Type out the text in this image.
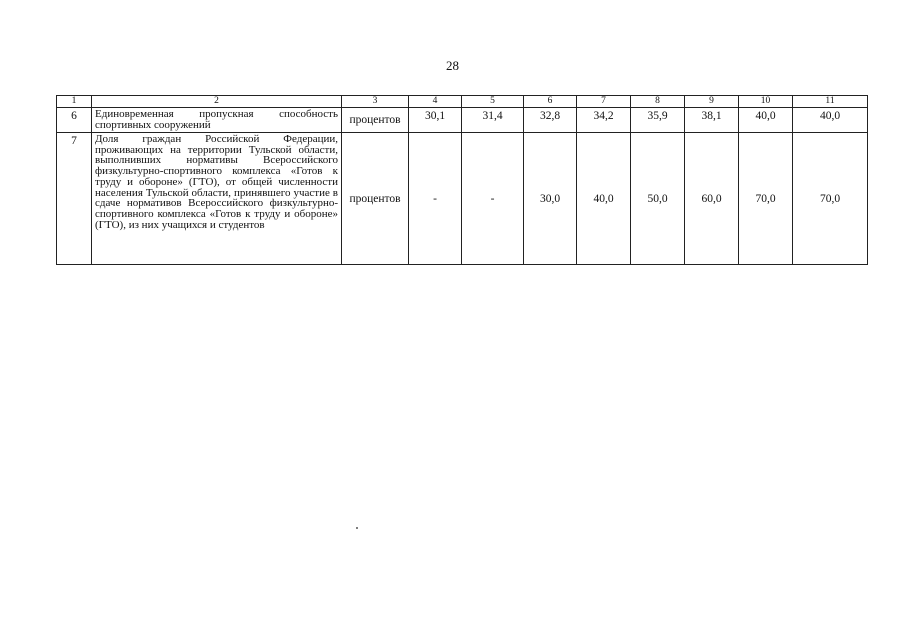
28
1	2	3	4	5	6	7	8	9	10	11
6	Единовременная пропускная способность спортивных сооружений	процентов	30,1	31,4	32,8	34,2	35,9	38,1	40,0	40,0
7	Доля граждан Российской Федерации, проживающих на территории Тульской области, выполнивших нормативы Всероссийского физкультурно-спортивного комплекса «Готов к труду и обороне» (ГТО), от общей численности населения Тульской области, принявшего участие в сдаче нормативов Всероссийского физкультурно-спортивного комплекса «Готов к труду и обороне» (ГТО), из них учащихся и студентов	процентов	-	-	30,0	40,0	50,0	60,0	70,0	70,0
